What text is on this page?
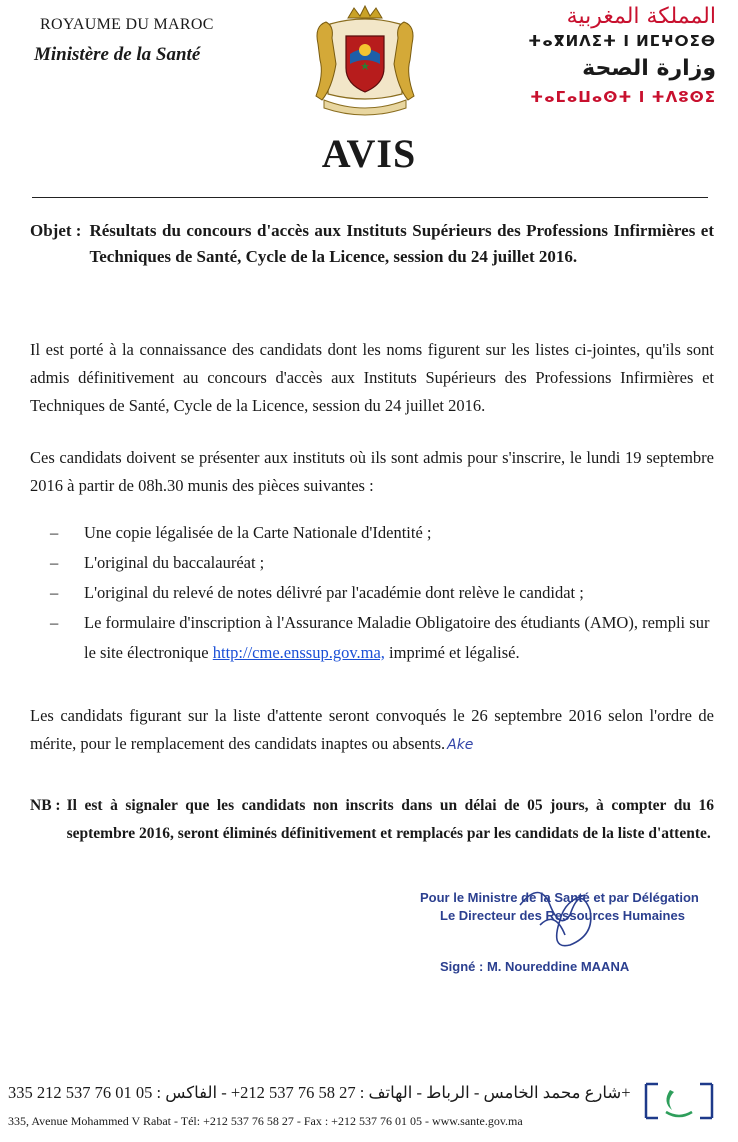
ROYAUME DU MAROC
Ministère de la Santé
المملكة المغربية
ⵜⴰⴳⵍⴷⵉⵜ ⵏ ⵍⵎⵖⵔⵉⴱ
وزارة الصحة
ⵜⴰⵎⴰⵡⴰⵙⵜ ⵏ ⵜⴷⵓⵙⵉ
AVIS
Objet : Résultats du concours d'accès aux Instituts Supérieurs des Professions Infirmières et Techniques de Santé, Cycle de la Licence, session du 24 juillet 2016.
Il est porté à la connaissance des candidats dont les noms figurent sur les listes ci-jointes, qu'ils sont admis définitivement au concours d'accès aux Instituts Supérieurs des Professions Infirmières et Techniques de Santé, Cycle de la Licence, session du 24 juillet 2016.
Ces candidats doivent se présenter aux instituts où ils sont admis pour s'inscrire, le lundi 19 septembre 2016 à partir de 08h.30 munis des pièces suivantes :
–	Une copie légalisée de la Carte Nationale d'Identité ;
–	L'original du baccalauréat ;
–	L'original du relevé de notes délivré par l'académie dont relève le candidat ;
–	Le formulaire d'inscription à l'Assurance Maladie Obligatoire des étudiants (AMO), rempli sur le site électronique http://cme.enssup.gov.ma, imprimé et légalisé.
Les candidats figurant sur la liste d'attente seront convoqués le 26 septembre 2016 selon l'ordre de mérite, pour le remplacement des candidats inaptes ou absents. Ake
NB : Il est à signaler que les candidats non inscrits dans un délai de 05 jours, à compter du 16 septembre 2016, seront éliminés définitivement et remplacés par les candidats de la liste d'attente.
Pour le Ministre de la Santé et par Délégation
Le Directeur des Ressources Humaines
Signé : M. Noureddine MAANA
335 شارع محمد الخامس - الرباط - الهاتف : 27 58 76 537 212+ - الفاكس : 05 01 76 537 212+
335, Avenue Mohammed V Rabat - Tél: +212 537 76 58 27 - Fax : +212 537 76 01 05 - www.sante.gov.ma
